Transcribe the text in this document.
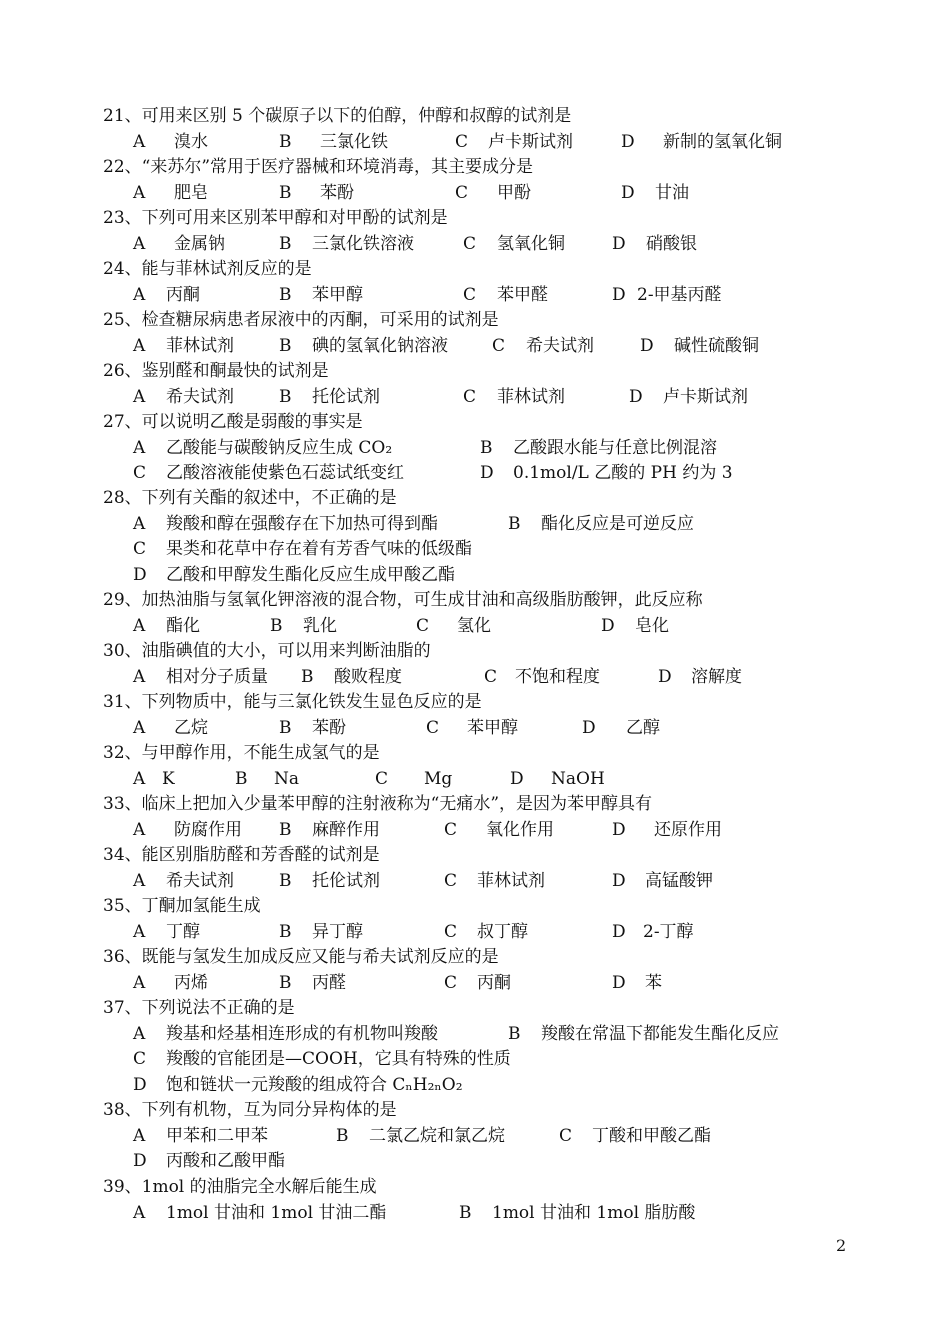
21、可用来区别 5 个碳原子以下的伯醇，仲醇和叔醇的试剂是
A 溴水	B 三氯化铁	C 卢卡斯试剂	D 新制的氢氧化铜
22、“来苏尔”常用于医疗器械和环境消毒，其主要成分是
A 肥皂	B 苯酚	C 甲酚	D 甘油
23、下列可用来区别苯甲醇和对甲酚的试剂是
A 金属钠	B 三氯化铁溶液	C 氢氧化铜	D 硝酸银
24、能与菲林试剂反应的是
A 丙酮	B 苯甲醇	C 苯甲醛	D 2-甲基丙醛
25、检查糖尿病患者尿液中的丙酮，可采用的试剂是
A 菲林试剂	B 碘的氢氧化钠溶液	C 希夫试剂	D 碱性硫酸铜
26、鉴别醛和酮最快的试剂是
A 希夫试剂	B 托伦试剂	C 菲林试剂	D 卢卡斯试剂
27、可以说明乙酸是弱酸的事实是
A 乙酸能与碳酸钠反应生成 CO₂	B 乙酸跟水能与任意比例混溶
C 乙酸溶液能使紫色石蕊试纸变红	D 0.1mol/L 乙酸的 PH 约为 3
28、下列有关酯的叙述中，不正确的是
A 羧酸和醇在强酸存在下加热可得到酯	B 酯化反应是可逆反应
C 果类和花草中存在着有芳香气味的低级酯
D 乙酸和甲醇发生酯化反应生成甲酸乙酯
29、加热油脂与氢氧化钾溶液的混合物，可生成甘油和高级脂肪酸钾，此反应称
A 酯化	B 乳化	C 氢化	D 皂化
30、油脂碘值的大小，可以用来判断油脂的
A 相对分子质量 B 酸败程度	C 不饱和程度	D 溶解度
31、下列物质中，能与三氯化铁发生显色反应的是
A 乙烷	B 苯酚	C 苯甲醇	D 乙醇
32、与甲醇作用，不能生成氢气的是
A K	B Na	C Mg	D NaOH
33、临床上把加入少量苯甲醇的注射液称为“无痛水”，是因为苯甲醇具有
A 防腐作用 B 麻醉作用	C 氧化作用	D 还原作用
34、能区别脂肪醛和芳香醛的试剂是
A 希夫试剂	B 托伦试剂	C 菲林试剂	D 高锰酸钾
35、丁酮加氢能生成
A 丁醇	B 异丁醇	C 叔丁醇	D 2-丁醇
36、既能与氢发生加成反应又能与希夫试剂反应的是
A 丙烯	B 丙醛	C 丙酮	D 苯
37、下列说法不正确的是
A 羧基和烃基相连形成的有机物叫羧酸	B 羧酸在常温下都能发生酯化反应
C 羧酸的官能团是—COOH，它具有特殊的性质
D 饱和链状一元羧酸的组成符合 CₙH₂ₙO₂
38、下列有机物，互为同分异构体的是
A 甲苯和二甲苯	B 二氯乙烷和氯乙烷	C 丁酸和甲酸乙酯
D 丙酸和乙酸甲酯
39、1mol 的油脂完全水解后能生成
A 1mol 甘油和 1mol 甘油二酯	B 1mol 甘油和 1mol 脂肪酸
2
